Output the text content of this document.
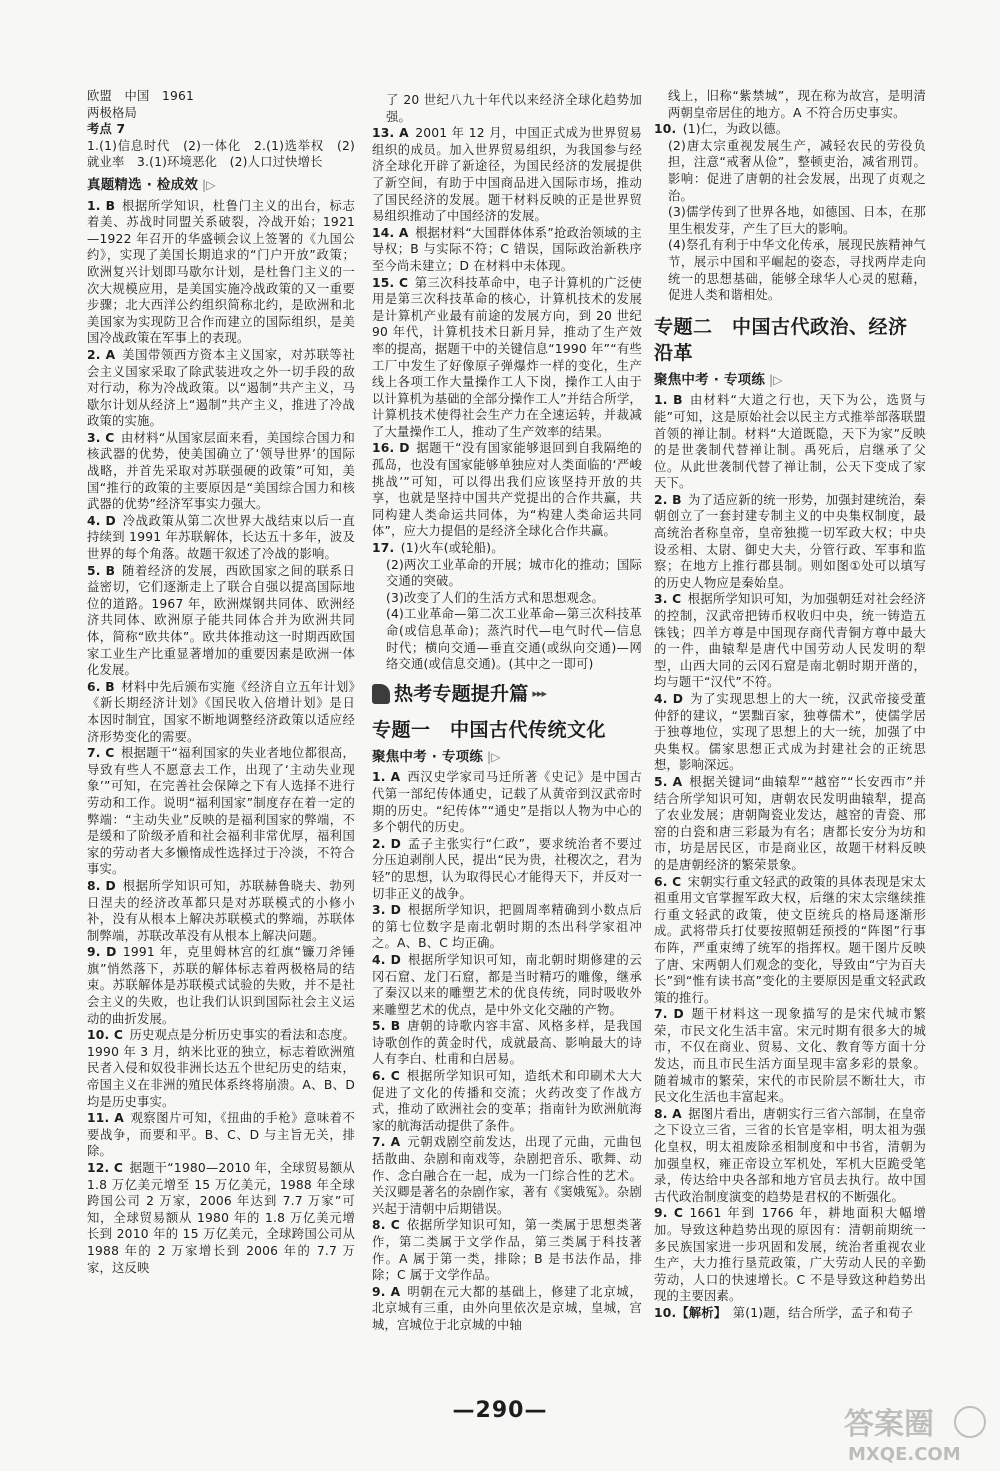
欧盟　中国　1961

两极格局

考点 7

1.(1)信息时代　(2)一体化　2.(1)选举权　(2)就业率　3.(1)环境恶化　(2)人口过快增长

真题精选 · 检成效 |▷

1. B  根据所学知识，杜鲁门主义的出台，标志着美、苏战时同盟关系破裂，冷战开始；1921—1922 年召开的华盛顿会议上签署的《九国公约》，实现了美国长期追求的“门户开放”政策；欧洲复兴计划即马歇尔计划，是杜鲁门主义的一次大规模应用，是美国实施冷战政策的又一重要步骤；北大西洋公约组织简称北约，是欧洲和北美国家为实现防卫合作而建立的国际组织，是美国冷战政策在军事上的表现。

2. A  美国带领西方资本主义国家，对苏联等社会主义国家采取了除武装进攻之外一切手段的敌对行动，称为冷战政策。以“遏制”共产主义，马歇尔计划从经济上“遏制”共产主义，推进了冷战政策的实施。

3. C  由材料“从国家层面来看，美国综合国力和核武器的优势，使美国确立了‘领导世界’的国际战略，并首先采取对苏联强硬的政策”可知，美国“推行的政策的主要原因是“美国综合国力和核武器的优势”经济军事实力强大。

4. D  冷战政策从第二次世界大战结束以后一直持续到 1991 年苏联解体，长达五十多年，波及世界的每个角落。故题干叙述了冷战的影响。

5. B  随着经济的发展，西欧国家之间的联系日益密切，它们逐渐走上了联合自强以提高国际地位的道路。1967 年，欧洲煤钢共同体、欧洲经济共同体、欧洲原子能共同体合并为欧洲共同体，简称“欧共体”。欧共体推动这一时期西欧国家工业生产比重显著增加的重要因素是欧洲一体化发展。

6. B  材料中先后颁布实施《经济自立五年计划》《新长期经济计划》《国民收入倍增计划》是日本因时制宜，国家不断地调整经济政策以适应经济形势变化的需要。

7. C  根据题干“福利国家的失业者地位都很高，导致有些人不愿意去工作，出现了‘主动失业现象’”可知，在完善社会保障之下有人选择不进行劳动和工作。说明“福利国家”制度存在着一定的弊端：“主动失业”反映的是福利国家的弊端，不是缓和了阶级矛盾和社会福利非常优厚，福利国家的劳动者大多懒惰成性选择过于冷淡，不符合事实。

8. D  根据所学知识可知，苏联赫鲁晓夫、勃列日涅夫的经济改革都只是对苏联模式的小修小补，没有从根本上解决苏联模式的弊端，苏联体制弊端，苏联改革没有从根本上解决问题。

9. D  1991 年，克里姆林宫的红旗“镰刀斧锤旗”悄然落下，苏联的解体标志着两极格局的结束。苏联解体是苏联模式试验的失败，并不是社会主义的失败，也让我们认识到国际社会主义运动的曲折发展。

10. C  历史观点是分析历史事实的看法和态度。1990 年 3 月，纳米比亚的独立，标志着欧洲殖民者入侵和奴役非洲长达五个世纪历史的结束，帝国主义在非洲的殖民体系终将崩溃。A、B、D 均是历史事实。

11. A  观察图片可知，《扭曲的手枪》意味着不要战争，而要和平。B、C、D 与主旨无关，排除。

12. C  据题干“1980—2010 年，全球贸易额从 1.8 万亿美元增至 15 万亿美元，1988 年全球跨国公司 2 万家，2006 年达到 7.7 万家”可知，全球贸易额从 1980 年的 1.8 万亿美元增长到 2010 年的 15 万亿美元，全球跨国公司从 1988 年的 2 万家增长到 2006 年的 7.7 万家，这反映

了 20 世纪八九十年代以来经济全球化趋势加强。

13. A  2001 年 12 月，中国正式成为世界贸易组织的成员。加入世界贸易组织，为我国参与经济全球化开辟了新途径，为国民经济的发展提供了新空间，有助于中国商品进入国际市场，推动了国民经济的发展。题干材料反映的正是世界贸易组织推动了中国经济的发展。

14. A  根据材料“大国群体体系”抢政治领域的主导权；B 与实际不符；C 错误，国际政治新秩序至今尚未建立；D 在材料中未体现。

15. C  第三次科技革命中，电子计算机的广泛使用是第三次科技革命的核心，计算机技术的发展是计算机产业最有前途的发展方向，到 20 世纪 90 年代，计算机技术日新月异，推动了生产效率的提高，据题干中的关键信息“1990 年”“有些工厂中发生了好像原子弹爆炸一样的变化，生产线上各项工作大量操作工人下岗，操作工人由于以计算机为基础的全部分操作工人”并结合所学，计算机技术使得社会生产力在全速运转，并裁减了大量操作工人，推动了生产效率的结果。

16. D  据题干“没有国家能够退回到自我隔绝的孤岛，也没有国家能够单独应对人类面临的‘严峻挑战’”可知，可以得出我们应该坚持开放的共享，也就是坚持中国共产党提出的合作共赢，共同构建人类命运共同体，为“构建人类命运共同体”，应大力提倡的是经济全球化合作共赢。

17.  (1)火车(或轮船)。

(2)两次工业革命的开展；城市化的推动；国际交通的突破。

(3)改变了人们的生活方式和思想观念。

(4)工业革命—第二次工业革命—第三次科技革命(或信息革命)；蒸汽时代—电气时代—信息时代；横向交通—垂直交通(或纵向交通)—网络交通(或信息交通)。(其中之一即可)

热考专题提升篇 ▸▸▸
专题一　中国古代传统文化
聚焦中考 · 专项练 |▷

1. A  西汉史学家司马迁所著《史记》是中国古代第一部纪传体通史，记载了从黄帝到汉武帝时期的历史。“纪传体”“通史”是指以人物为中心的多个朝代的历史。

2. D  孟子主张实行“仁政”，要求统治者不要过分压迫剥削人民，提出“民为贵，社稷次之，君为轻”的思想，认为取得民心才能得天下，并反对一切非正义的战争。

3. D  根据所学知识，把圆周率精确到小数点后的第七位数字是南北朝时期的杰出科学家祖冲之。A、B、C 均正确。

4. D  根据所学知识可知，南北朝时期修建的云冈石窟、龙门石窟，都是当时精巧的雕像，继承了秦汉以来的雕塑艺术的优良传统，同时吸收外来雕塑艺术的优点，是中外文化交融的产物。

5. B  唐朝的诗歌内容丰富、风格多样，是我国诗歌创作的黄金时代，成就最高、影响最大的诗人有李白、杜甫和白居易。

6. C  根据所学知识可知，造纸术和印刷术大大促进了文化的传播和交流；火药改变了作战方式，推动了欧洲社会的变革；指南针为欧洲航海家的航海活动提供了条件。

7. A  元朝戏剧空前发达，出现了元曲，元曲包括散曲、杂剧和南戏等，杂剧把音乐、歌舞、动作、念白融合在一起，成为一门综合性的艺术。关汉卿是著名的杂剧作家，著有《窦娥冤》。杂剧兴起于清朝中后期错误。

8. C  依据所学知识可知，第一类属于思想类著作，第二类属于文学作品，第三类属于科技著作。A 属于第一类，排除；B 是书法作品，排除；C 属于文学作品。

9. A  明朝在元大都的基础上，修建了北京城，北京城有三重，由外向里依次是京城，皇城，宫城，宫城位于北京城的中轴

线上，旧称“紫禁城”，现在称为故宫，是明清两朝皇帝居住的地方。A 不符合历史事实。

10.  (1)仁，为政以德。

(2)唐太宗重视发展生产，减轻农民的劳役负担，注意“戒奢从俭”，整顿吏治，减省刑罚。影响：促进了唐朝的社会发展，出现了贞观之治。

(3)儒学传到了世界各地，如德国、日本，在那里生根发芽，产生了巨大的影响。

(4)祭孔有利于中华文化传承，展现民族精神气节，展示中国和平崛起的姿态，寻找两岸走向统一的思想基础，能够全球华人心灵的慰藉，促进人类和谐相处。

专题二　中国古代政治、经济沿革
聚焦中考 · 专项练 |▷

1. B  由材料“大道之行也，天下为公，选贤与能”可知，这是原始社会以民主方式推举部落联盟首领的禅让制。材料“大道既隐，天下为家”反映的是世袭制代替禅让制。禹死后，启继承了父位。从此世袭制代替了禅让制，公天下变成了家天下。

2. B  为了适应新的统一形势，加强封建统治，秦朝创立了一套封建专制主义的中央集权制度，最高统治者称皇帝，皇帝独揽一切军政大权；中央设丞相、太尉、御史大夫，分管行政、军事和监察；在地方上推行郡县制。则如图①处可以填写的历史人物应是秦始皇。

3. C  根据所学知识可知，为加强朝廷对社会经济的控制，汉武帝把铸币权收归中央，统一铸造五铢钱；四羊方尊是中国现存商代青铜方尊中最大的一件，曲辕犁是唐代中国劳动人民发明的犁型，山西大同的云冈石窟是南北朝时期开凿的，均与题干“汉代”不符。

4. D  为了实现思想上的大一统，汉武帝接受董仲舒的建议，“罢黜百家，独尊儒术”，使儒学居于独尊地位，实现了思想上的大一统，加强了中央集权。儒家思想正式成为封建社会的正统思想，影响深远。

5. A  根据关键词“曲辕犁”“越窑”“长安西市”并结合所学知识可知，唐朝农民发明曲辕犁，提高了农业发展；唐朝陶瓷业发达，越窑的青瓷、邢窑的白瓷和唐三彩最为有名；唐都长安分为坊和市，坊是居民区，市是商业区，故题干材料反映的是唐朝经济的繁荣景象。

6. C  宋朝实行重文轻武的政策的具体表现是宋太祖重用文官掌握军政大权，后继的宋太宗继续推行重文轻武的政策，使文臣统兵的格局逐渐形成。武将带兵打仗要按照朝廷预授的“阵图”行事布阵，严重束缚了统军的指挥权。题干图片反映了唐、宋两朝人们观念的变化，导致由“宁为百夫长”到“惟有读书高”变化的主要原因是重文轻武政策的推行。

7. D  题干材料这一现象描写的是宋代城市繁荣，市民文化生活丰富。宋元时期有很多大的城市，不仅在商业、贸易、文化、教育等方面十分发达，而且市民生活方面呈现丰富多彩的景象。随着城市的繁荣，宋代的市民阶层不断壮大，市民文化生活也丰富起来。

8. A  据图片看出，唐朝实行三省六部制，在皇帝之下设立三省，三省的长官是宰相，明太祖为强化皇权，明太祖废除丞相制度和中书省，清朝为加强皇权，雍正帝设立军机处，军机大臣跪受笔录，传达给中央各部和地方官员去执行。故中国古代政治制度演变的趋势是君权的不断强化。

9. C  1661 年到 1766 年，耕地面积大幅增加。导致这种趋势出现的原因有：清朝前期统一多民族国家进一步巩固和发展，统治者重视农业生产，大力推行垦荒政策，广大劳动人民的辛勤劳动，人口的快速增长。C 不是导致这种趋势出现的主要因素。

10.【解析】  第(1)题，结合所学，孟子和荀子

—290—	答案圈
MXQE.COM
